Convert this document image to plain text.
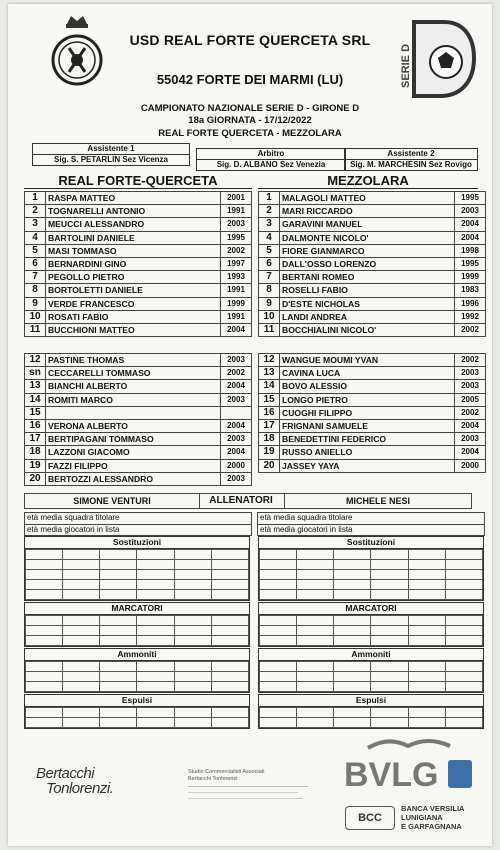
USD REAL FORTE QUERCETA SRL
55042 FORTE DEI MARMI (LU)	SERIE D
CAMPIONATO NAZIONALE SERIE D - GIRONE D
18a GIORNATA - 17/12/2022
REAL FORTE QUERCETA - MEZZOLARA
Assistente 1
Sig. S. PETARLIN Sez Vicenza
Arbitro
Sig. D. ALBANO Sez Venezia
Assistente 2
Sig. M. MARCHESIN Sez Rovigo
REAL FORTE-QUERCETA	MEZZOLARA
1	RASPA MATTEO	2001
2	TOGNARELLI ANTONIO	1991
3	MEUCCI ALESSANDRO	2003
4	BARTOLINI DANIELE	1995
5	MASI TOMMASO	2002
6	BERNARDINI GINO	1997
7	PEGOLLO PIETRO	1993
8	BORTOLETTI DANIELE	1991
9	VERDE FRANCESCO	1999
10	ROSATI FABIO	1991
11	BUCCHIONI MATTEO	2004
1	MALAGOLI MATTEO	1995
2	MARI RICCARDO	2003
3	GARAVINI MANUEL	2004
4	DALMONTE NICOLO'	2004
5	FIORE GIANMARCO	1998
6	DALL'OSSO LORENZO	1995
7	BERTANI ROMEO	1999
8	ROSELLI FABIO	1983
9	D'ESTE NICHOLAS	1996
10	LANDI ANDREA	1992
11	BOCCHIALINI NICOLO'	2002
12	PASTINE THOMAS	2003
sn	CECCARELLI TOMMASO	2002
13	BIANCHI ALBERTO	2004
14	ROMITI MARCO	2003
15		
16	VERONA ALBERTO	2004
17	BERTIPAGANI TOMMASO	2003
18	LAZZONI GIACOMO	2004
19	FAZZI FILIPPO	2000
20	BERTOZZI ALESSANDRO	2003
12	WANGUE MOUMI YVAN	2002
13	CAVINA LUCA	2003
14	BOVO ALESSIO	2003
15	LONGO PIETRO	2005
16	CUOGHI FILIPPO	2002
17	FRIGNANI SAMUELE	2004
18	BENEDETTINI FEDERICO	2003
19	RUSSO ANIELLO	2004
20	JASSEY YAYA	2000
SIMONE VENTURI	ALLENATORI	MICHELE NESI
età media squadra titolare
età media giocatori in lista
età media squadra titolare
età media giocatori in lista
Sostituzioni

						Sostituzioni

MARCATORI

						MARCATORI

Ammoniti

						Ammoniti

Espulsi

						Espulsi

Bertacchi
Tonlorenzi.
Studio Commercialisti Associati
Bertacchi Tonlorenzi	BVLG
BCC
BANCA VERSILIA
LUNIGIANA
E GARFAGNANA
